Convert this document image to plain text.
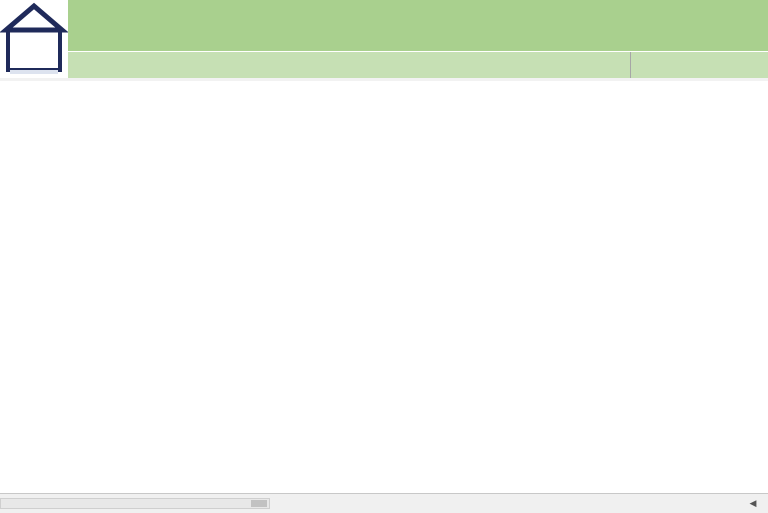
◀
